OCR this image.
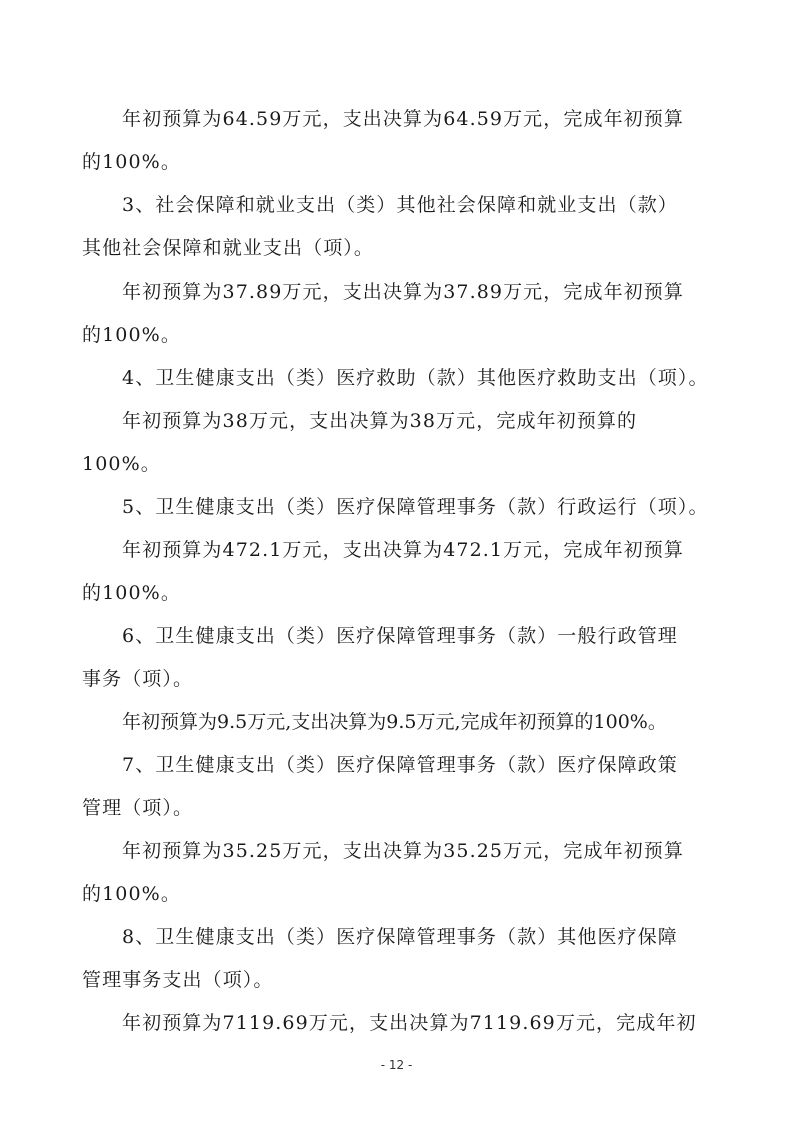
年初预算为64.59万元，支出决算为64.59万元，完成年初预算
的100%。
3、社会保障和就业支出（类）其他社会保障和就业支出（款）
其他社会保障和就业支出（项）。
年初预算为37.89万元，支出决算为37.89万元，完成年初预算
的100%。
4、卫生健康支出（类）医疗救助（款）其他医疗救助支出（项）。
年初预算为38万元，支出决算为38万元，完成年初预算的
100%。
5、卫生健康支出（类）医疗保障管理事务（款）行政运行（项）。
年初预算为472.1万元，支出决算为472.1万元，完成年初预算
的100%。
6、卫生健康支出（类）医疗保障管理事务（款）一般行政管理
事务（项）。
年初预算为9.5万元,支出决算为9.5万元,完成年初预算的100%。
7、卫生健康支出（类）医疗保障管理事务（款）医疗保障政策
管理（项）。
年初预算为35.25万元，支出决算为35.25万元，完成年初预算
的100%。
8、卫生健康支出（类）医疗保障管理事务（款）其他医疗保障
管理事务支出（项）。
年初预算为7119.69万元，支出决算为7119.69万元，完成年初
- 12 -
